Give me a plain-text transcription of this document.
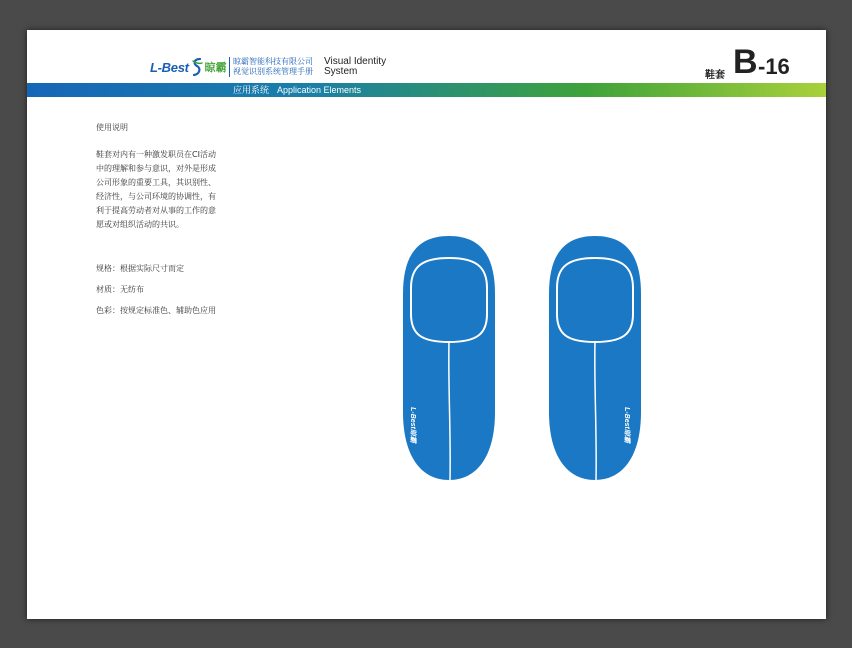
L-Best 晾霸 晾霸智能科技有限公司
视觉识别系统管理手册
Visual Identity
System	鞋套 B -16
应用系统 Application Elements
使用说明
鞋套对内有一种激发职员在CI活动
中的理解和参与意识，对外是形成
公司形象的重要工具，其识别性、
经济性，与公司环境的协调性，有
利于提高劳动者对从事的工作的意
愿或对组织活动的共识。
规格：根据实际尺寸而定
材质：无纺布
色彩：按规定标准色、辅助色应用
L-Best晾霸	L-Best晾霸
